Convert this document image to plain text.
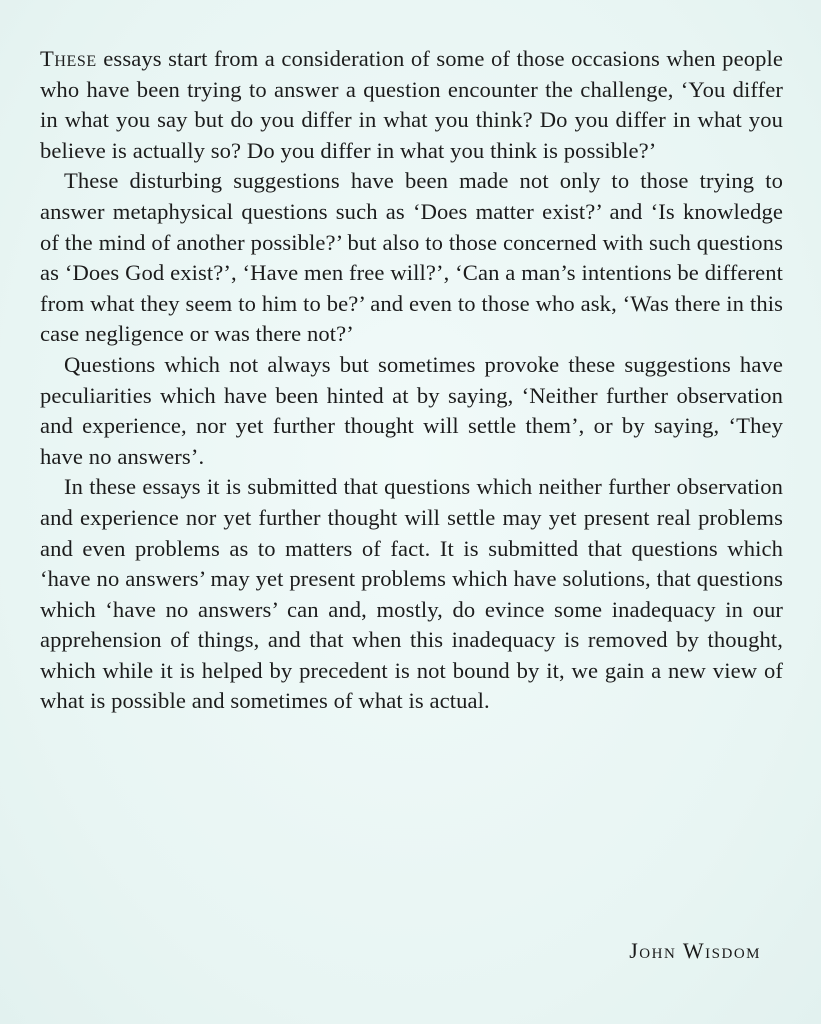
These essays start from a consideration of some of those occasions when people who have been trying to answer a question encounter the challenge, ‘You differ in what you say but do you differ in what you think? Do you differ in what you believe is actually so? Do you differ in what you think is possible?’

These disturbing suggestions have been made not only to those trying to answer metaphysical questions such as ‘Does matter exist?’ and ‘Is knowledge of the mind of another possible?’ but also to those concerned with such questions as ‘Does God exist?’, ‘Have men free will?’, ‘Can a man’s intentions be different from what they seem to him to be?’ and even to those who ask, ‘Was there in this case negligence or was there not?’

Questions which not always but sometimes provoke these suggestions have peculiarities which have been hinted at by saying, ‘Neither further observation and experience, nor yet further thought will settle them’, or by saying, ‘They have no answers’.

In these essays it is submitted that questions which neither further observation and experience nor yet further thought will settle may yet present real problems and even problems as to matters of fact. It is submitted that questions which ‘have no answers’ may yet present problems which have solutions, that questions which ‘have no answers’ can and, mostly, do evince some inadequacy in our apprehension of things, and that when this inadequacy is removed by thought, which while it is helped by precedent is not bound by it, we gain a new view of what is possible and sometimes of what is actual.

John Wisdom
